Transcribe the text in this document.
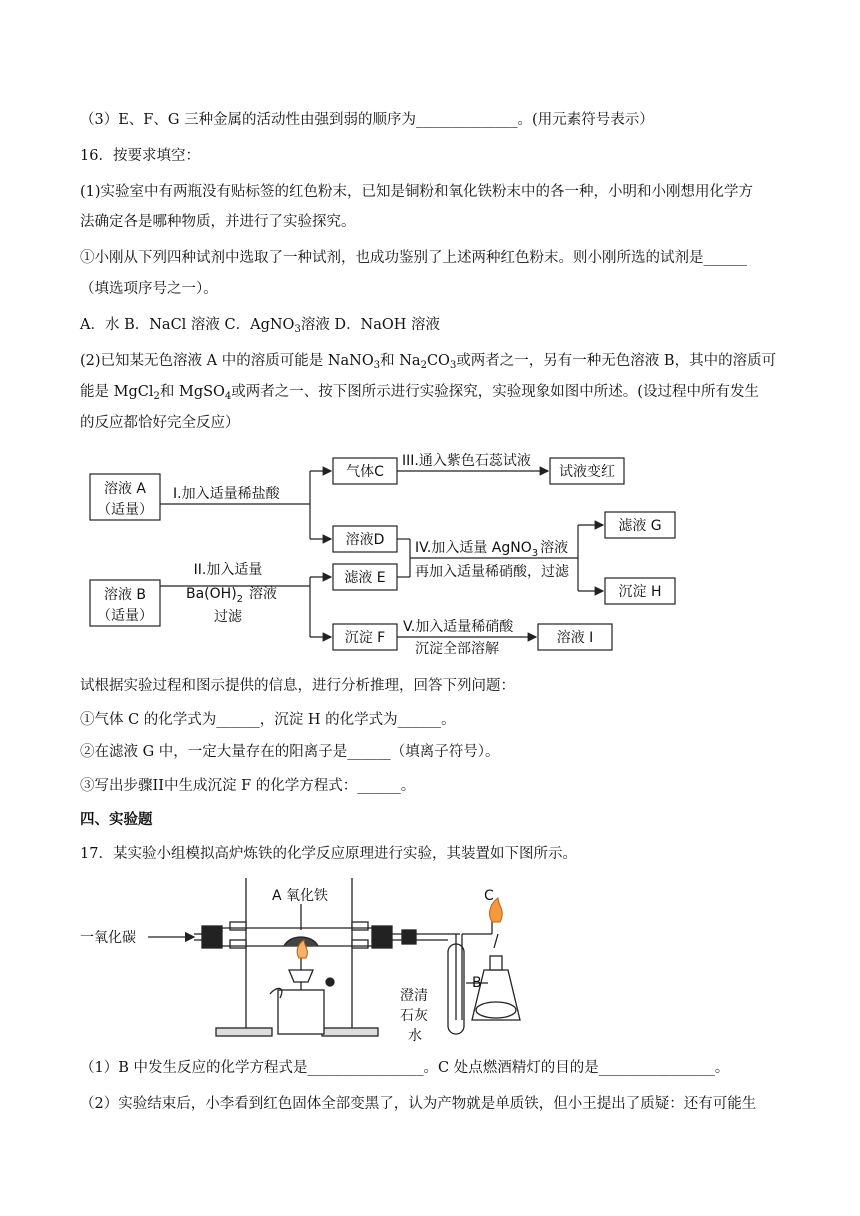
（3）E、F、G 三种金属的活动性由强到弱的顺序为______________。(用元素符号表示）
16．按要求填空：
(1)实验室中有两瓶没有贴标签的红色粉末，已知是铜粉和氧化铁粉末中的各一种，小明和小刚想用化学方
法确定各是哪种物质，并进行了实验探究。
①小刚从下列四种试剂中选取了一种试剂，也成功鉴别了上述两种红色粉末。则小刚所选的试剂是______
（填选项序号之一）。
A．水 B．NaCl 溶液 C．AgNO$_3$溶液 D．NaOH 溶液
(2)已知某无色溶液 A 中的溶质可能是 NaNO$_3$和 $Na_2CO_3$或两者之一，另有一种无色溶液 B，其中的溶质可
能是 MgCl$_2$和 MgSO$_4$或两者之一、按下图所示进行实验探究，实验现象如图中所述。(设过程中所有发生
的反应都恰好完全反应）
溶液 A
（适量）
溶液 B
（适量）
I.加入适量稀盐酸
II.加入适量
$Ba(OH)_2$ 溶液
过滤
III.通入紫色石蕊试液
气体C	试液变红
溶液D
滤液 E
IV.加入适量 AgNO$_3$ 溶液
再加入适量稀硝酸，过滤
滤液 G
沉淀 H
沉淀 F
V.加入适量稀硝酸
沉淀全部溶解
溶液 I
试根据实验过程和图示提供的信息，进行分析推理，回答下列问题：
①气体 C 的化学式为______，沉淀 H 的化学式为______。
②在滤液 G 中，一定大量存在的阳离子是______（填离子符号）。
③写出步骤II中生成沉淀 F 的化学方程式：______。
四、实验题
17．某实验小组模拟高炉炼铁的化学反应原理进行实验，其装置如下图所示。
一氧化碳
A 氧化铁
B
C
澄清
石灰
水
（1）B 中发生反应的化学方程式是________________。C 处点燃酒精灯的目的是________________。
（2）实验结束后，小李看到红色固体全部变黑了，认为产物就是单质铁，但小王提出了质疑：还有可能生
